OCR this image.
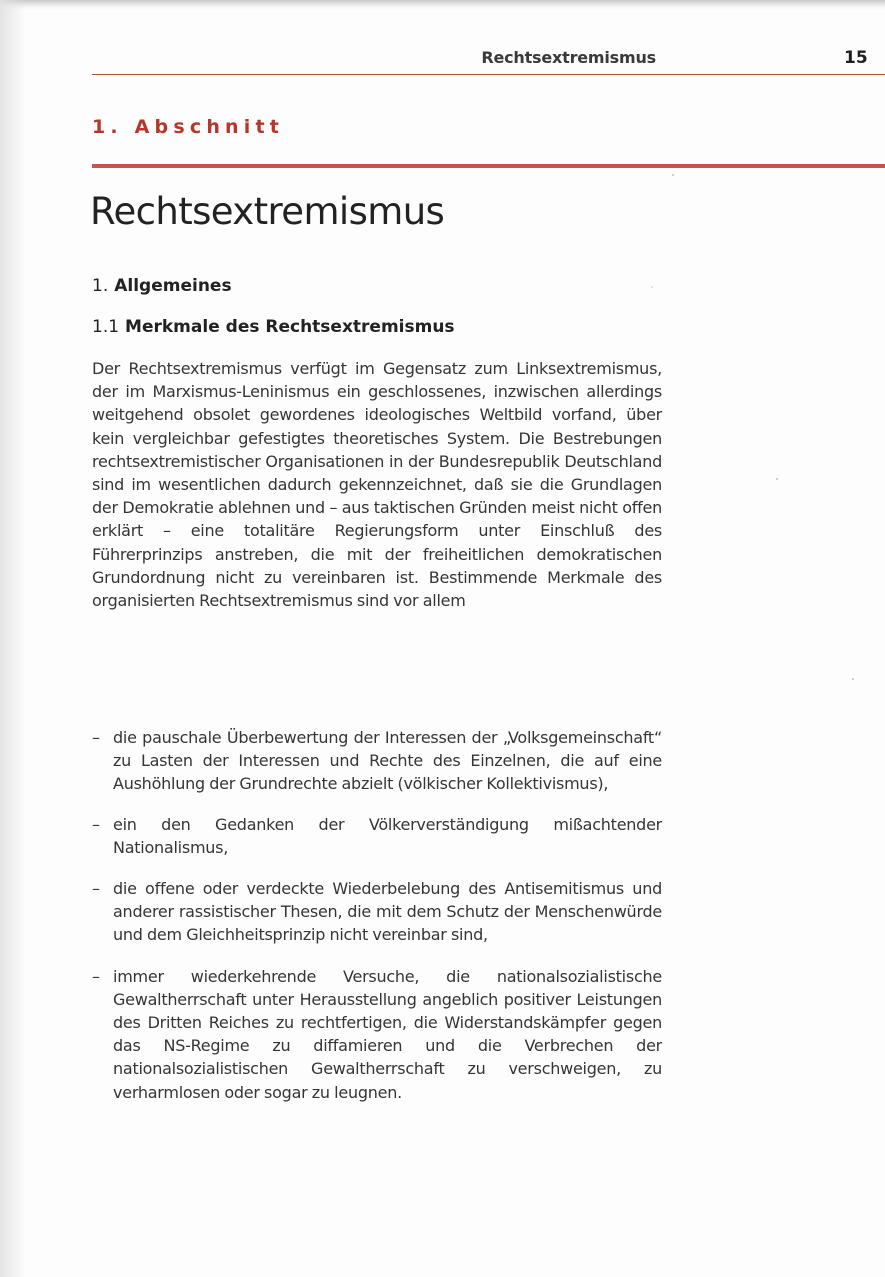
Rechtsextremismus	15
1. Abschnitt
Rechtsextremismus
1. Allgemeines
1.1 Merkmale des Rechtsextremismus

Der Rechtsextremismus verfügt im Gegensatz zum Linksextremismus, der im Marxismus-Leninismus ein geschlossenes, inzwischen allerdings weitgehend obsolet gewordenes ideologisches Weltbild vorfand, über kein vergleichbar gefestigtes theoretisches System. Die Bestrebungen rechtsextremistischer Organisationen in der Bundesrepublik Deutschland sind im wesentlichen dadurch gekennzeichnet, daß sie die Grundlagen der Demokratie ablehnen und – aus taktischen Gründen meist nicht offen erklärt – eine totalitäre Regierungsform unter Einschluß des Führerprinzips anstreben, die mit der freiheitlichen demokratischen Grundordnung nicht zu vereinbaren ist. Bestimmende Merkmale des organisierten Rechtsextremismus sind vor allem

– die pauschale Überbewertung der Interessen der „Volksgemeinschaft“ zu Lasten der Interessen und Rechte des Einzelnen, die auf eine Aushöhlung der Grundrechte abzielt (völkischer Kollektivismus),
– ein den Gedanken der Völkerverständigung mißachtender Nationalismus,
– die offene oder verdeckte Wiederbelebung des Antisemitismus und anderer rassistischer Thesen, die mit dem Schutz der Menschenwürde und dem Gleichheitsprinzip nicht vereinbar sind,
– immer wiederkehrende Versuche, die nationalsozialistische Gewaltherrschaft unter Herausstellung angeblich positiver Leistungen des Dritten Reiches zu rechtfertigen, die Widerstandskämpfer gegen das NS-Regime zu diffamieren und die Verbrechen der nationalsozialistischen Gewaltherrschaft zu verschweigen, zu verharmlosen oder sogar zu leugnen.
